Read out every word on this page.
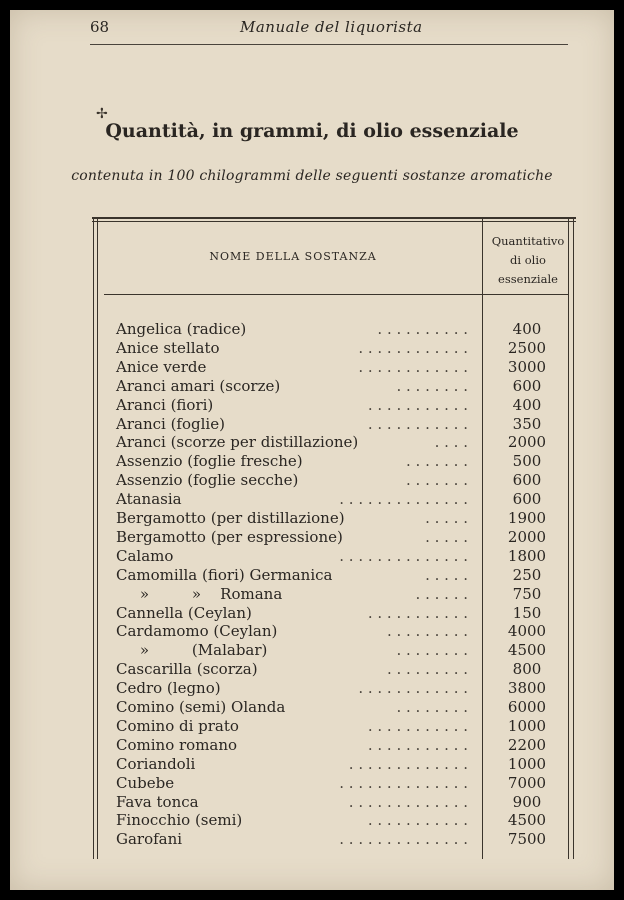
68	Manuale del liquorista
✢
Quantità, in grammi, di olio essenziale
contenuta in 100 chilogrammi delle seguenti sostanze aromatiche
NOME DELLA SOSTANZA
Quantitativo
di olio
essenziale
Angelica (radice)	. . . . . . . . . .	400
Anice stellato	. . . . . . . . . . . .	2500
Anice verde	. . . . . . . . . . . .	3000
Aranci amari (scorze)	. . . . . . . .	600
Aranci (fiori)	. . . . . . . . . . .	400
Aranci (foglie)	. . . . . . . . . . .	350
Aranci (scorze per distillazione)	. . . .	2000
Assenzio (foglie fresche)	. . . . . . .	500
Assenzio (foglie secche)	. . . . . . .	600
Atanasia	. . . . . . . . . . . . . .	600
Bergamotto (per distillazione)	. . . . .	1900
Bergamotto (per espressione)	. . . . .	2000
Calamo	. . . . . . . . . . . . . .	1800
Camomilla (fiori) Germanica	. . . . .	250
»         »    Romana	. . . . . .	750
Cannella (Ceylan)	. . . . . . . . . . .	150
Cardamomo (Ceylan)	. . . . . . . . .	4000
»         (Malabar)	. . . . . . . .	4500
Cascarilla (scorza)	. . . . . . . . .	800
Cedro (legno)	. . . . . . . . . . . .	3800
Comino (semi) Olanda	. . . . . . . .	6000
Comino di prato	. . . . . . . . . . .	1000
Comino romano	. . . . . . . . . . .	2200
Coriandoli	. . . . . . . . . . . . .	1000
Cubebe	. . . . . . . . . . . . . .	7000
Fava tonca	. . . . . . . . . . . . .	900
Finocchio (semi)	. . . . . . . . . . .	4500
Garofani	. . . . . . . . . . . . . .	7500
